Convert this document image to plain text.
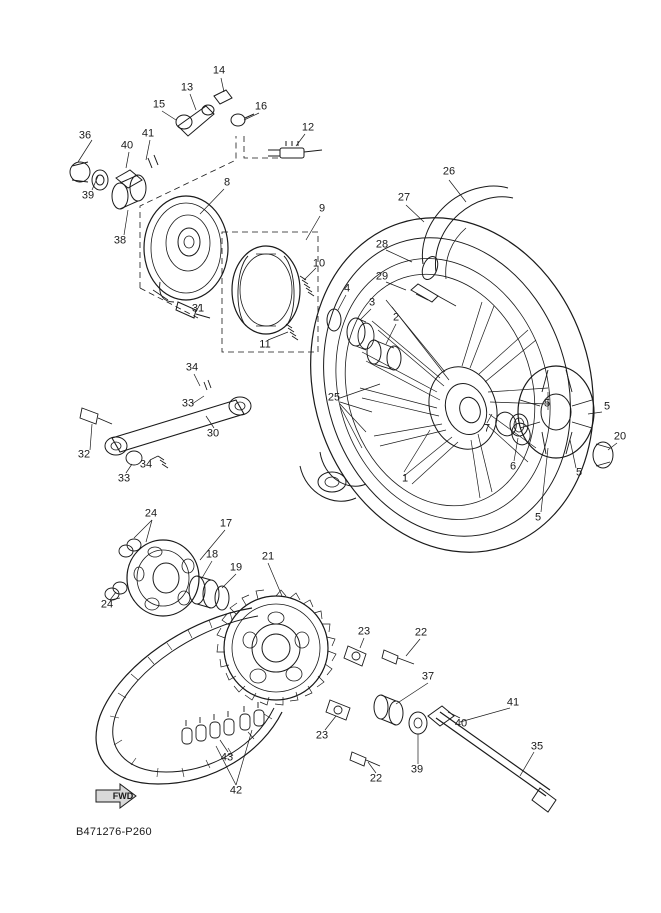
FWD
B471276-P260
36
40
41
39
38
15
13
14
16
12
8
9
10
31
11
4
3
2
26
27
28
29
25
34
33
32
33
34
30
1
7
6
5	5
5
5
20
24
24
17
18
19
21
23	22
23
22
37
39
40
41
35
43
42
